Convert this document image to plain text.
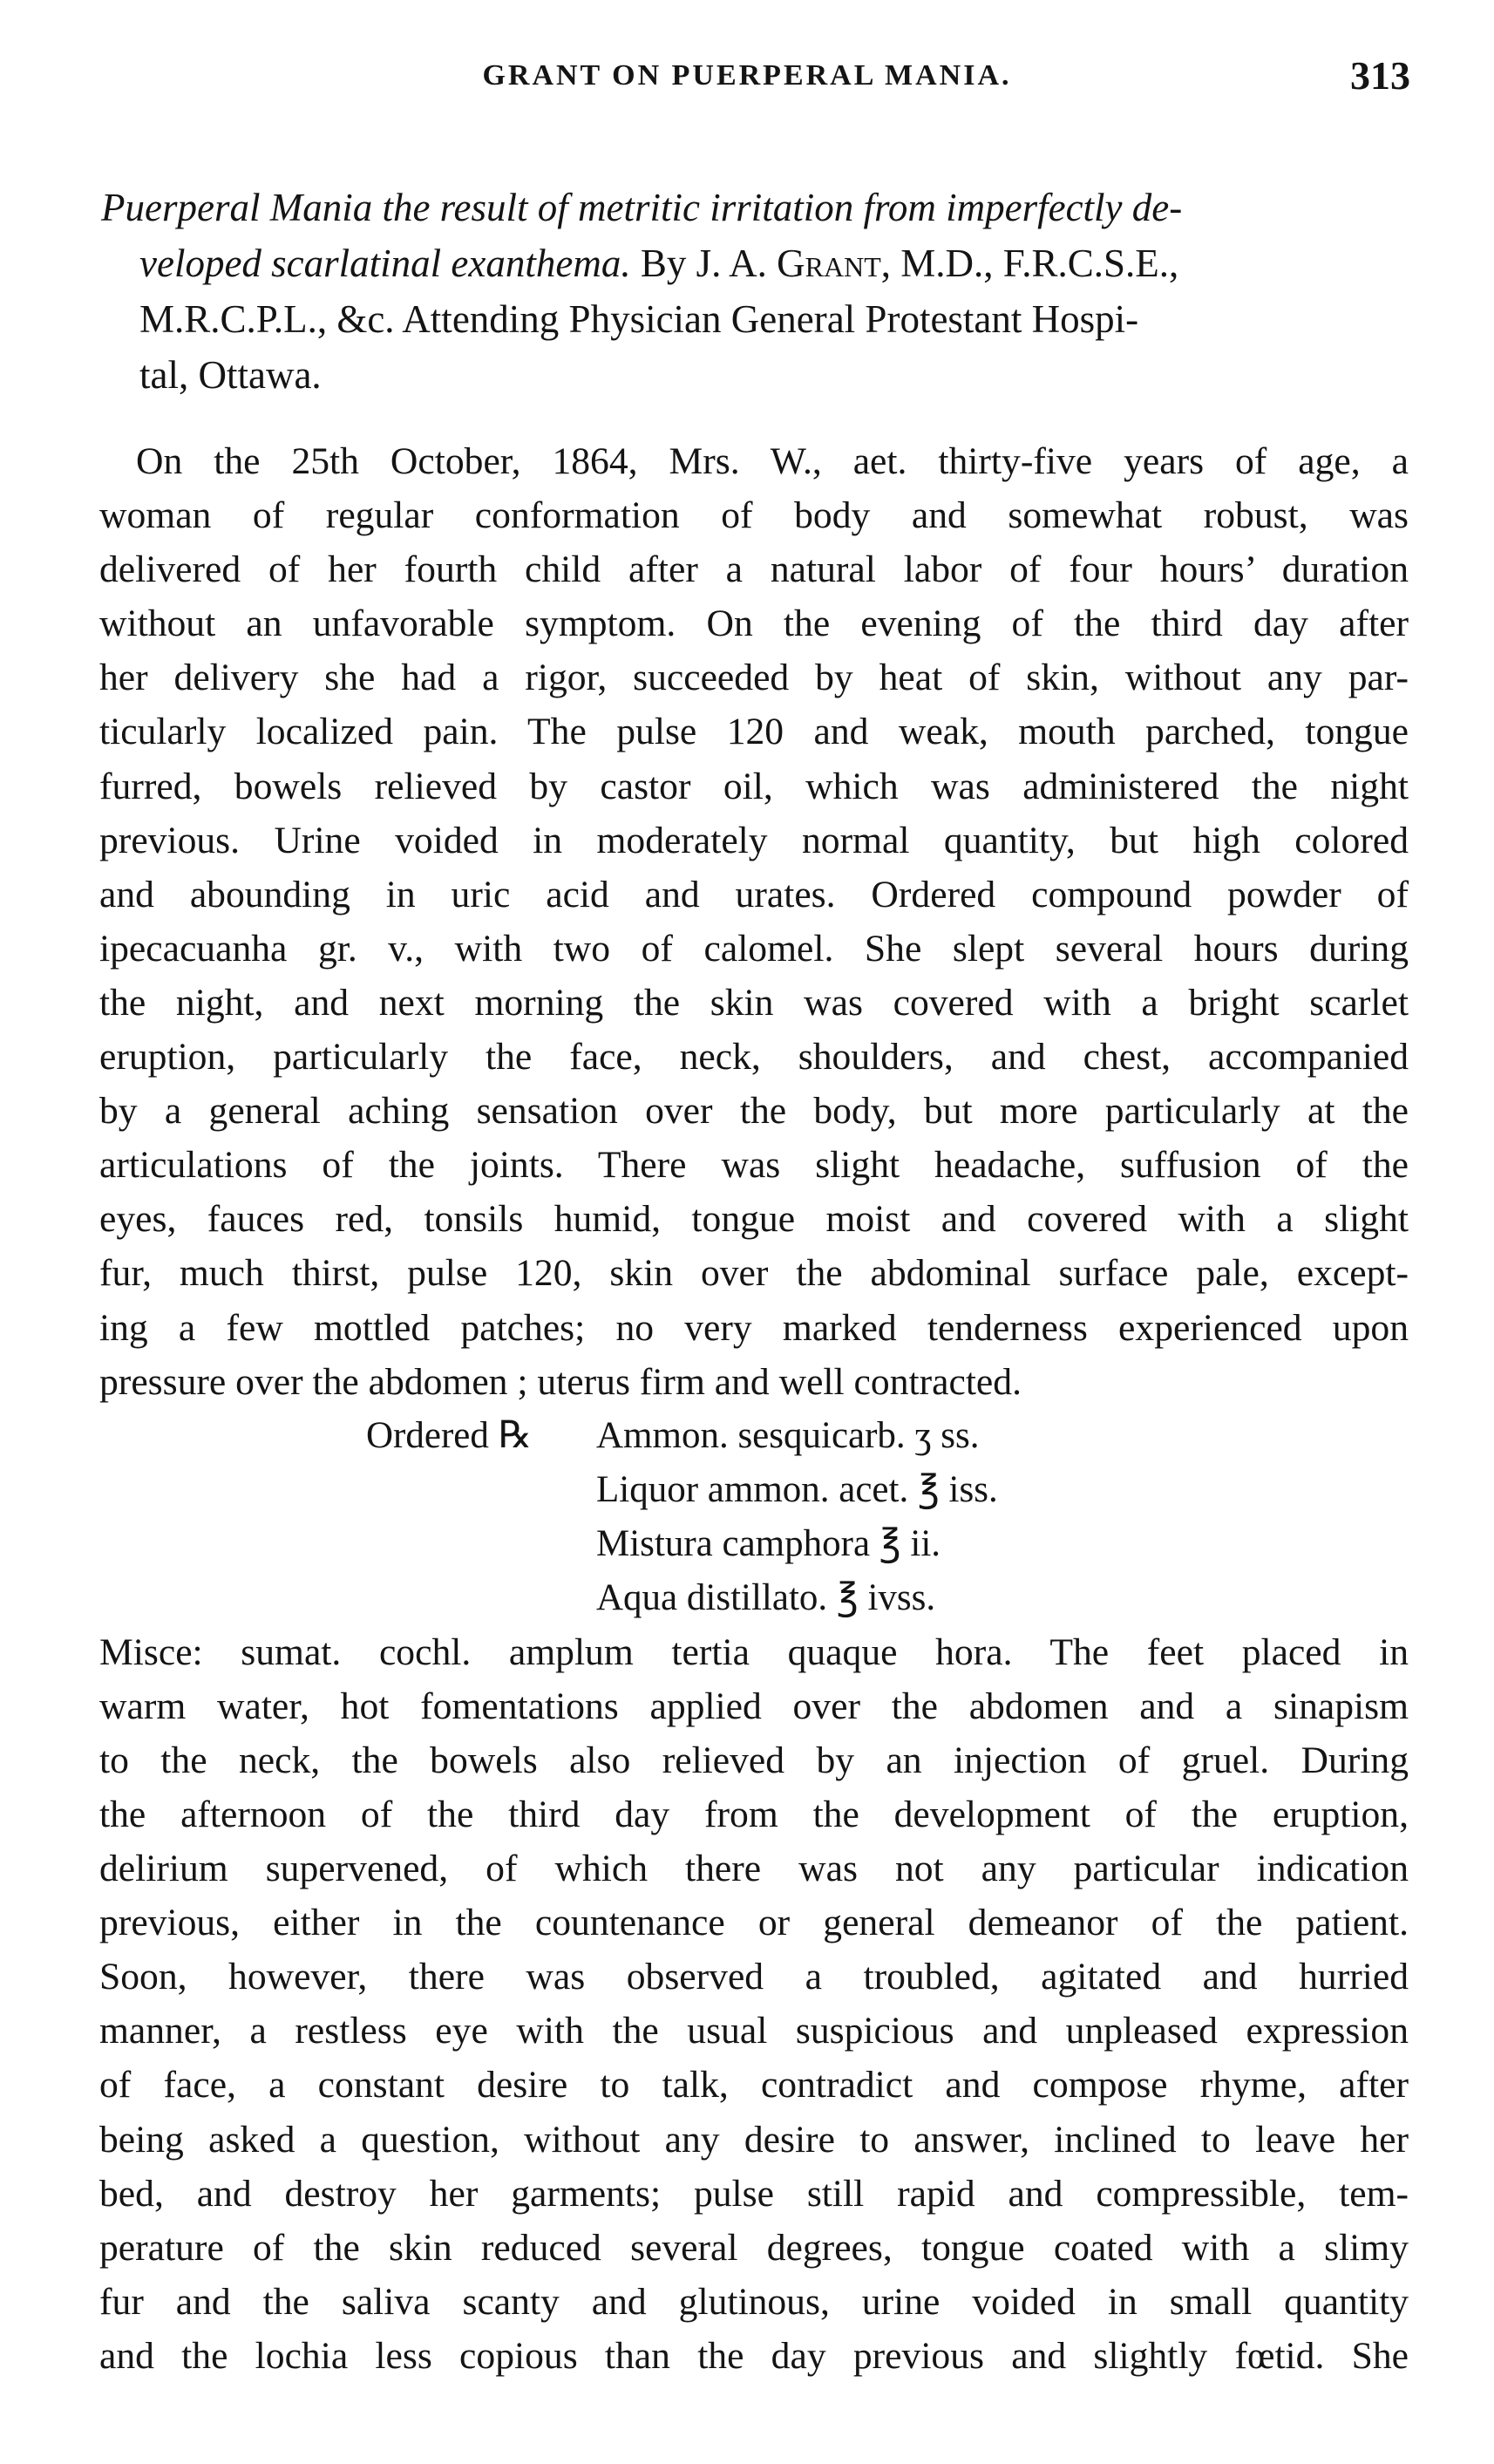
GRANT ON PUERPERAL MANIA.	313
Puerperal Mania the result of metritic irritation from imperfectly de-
veloped scarlatinal exanthema. By J. A. Grant, M.D., F.R.C.S.E.,
M.R.C.P.L., &c. Attending Physician General Protestant Hospi-
tal, Ottawa.
On the 25th October, 1864, Mrs. W., aet. thirty-five years of age, a
woman of regular conformation of body and somewhat robust, was
delivered of her fourth child after a natural labor of four hours’ duration
without an unfavorable symptom. On the evening of the third day after
her delivery she had a rigor, succeeded by heat of skin, without any par-
ticularly localized pain. The pulse 120 and weak, mouth parched, tongue
furred, bowels relieved by castor oil, which was administered the night
previous. Urine voided in moderately normal quantity, but high colored
and abounding in uric acid and urates. Ordered compound powder of
ipecacuanha gr. v., with two of calomel. She slept several hours during
the night, and next morning the skin was covered with a bright scarlet
eruption, particularly the face, neck, shoulders, and chest, accompanied
by a general aching sensation over the body, but more particularly at the
articulations of the joints. There was slight headache, suffusion of the
eyes, fauces red, tonsils humid, tongue moist and covered with a slight
fur, much thirst, pulse 120, skin over the abdominal surface pale, except-
ing a few mottled patches; no very marked tenderness experienced upon
pressure over the abdomen ; uterus firm and well contracted.
Ordered ℞ Ammon. sesquicarb. ʒ ss.
Liquor ammon. acet. ℥ iss.
Mistura camphora ℥ ii.
Aqua distillato. ℥ ivss.
Misce: sumat. cochl. amplum tertia quaque hora. The feet placed in
warm water, hot fomentations applied over the abdomen and a sinapism
to the neck, the bowels also relieved by an injection of gruel. During
the afternoon of the third day from the development of the eruption,
delirium supervened, of which there was not any particular indication
previous, either in the countenance or general demeanor of the patient.
Soon, however, there was observed a troubled, agitated and hurried
manner, a restless eye with the usual suspicious and unpleased expression
of face, a constant desire to talk, contradict and compose rhyme, after
being asked a question, without any desire to answer, inclined to leave her
bed, and destroy her garments; pulse still rapid and compressible, tem-
perature of the skin reduced several degrees, tongue coated with a slimy
fur and the saliva scanty and glutinous, urine voided in small quantity
and the lochia less copious than the day previous and slightly fœtid. She
